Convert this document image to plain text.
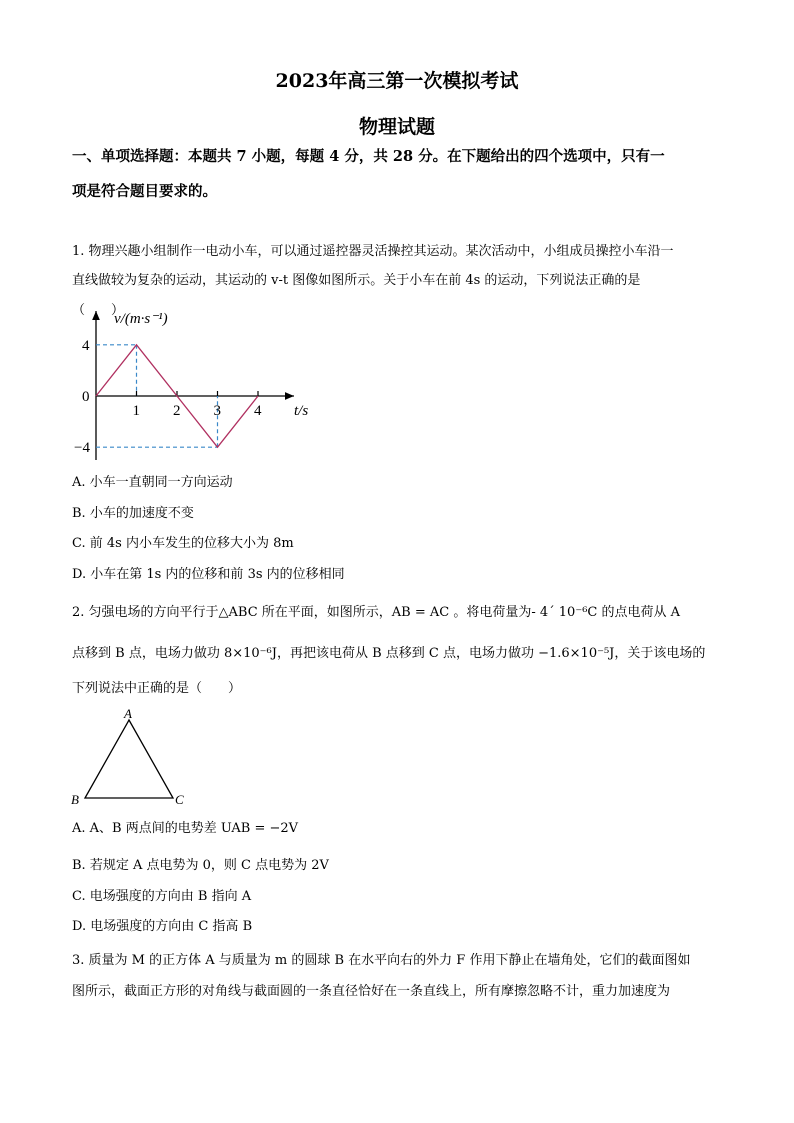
2023年高三第一次模拟考试
物理试题
一、单项选择题：本题共 7 小题，每题 4 分，共 28 分。在下题给出的四个选项中，只有一
项是符合题目要求的。
1. 物理兴趣小组制作一电动小车，可以通过遥控器灵活操控其运动。某次活动中，小组成员操控小车沿一
直线做较为复杂的运动，其运动的 v-t 图像如图所示。关于小车在前 4s 的运动，下列说法正确的是
（　　）
v/(m·s⁻¹)
t/s
1 2 3 4
4
0
−4
A. 小车一直朝同一方向运动
B. 小车的加速度不变
C. 前 4s 内小车发生的位移大小为 8m
D. 小车在第 1s 内的位移和前 3s 内的位移相同
2. 匀强电场的方向平行于△ABC 所在平面，如图所示，AB = AC 。将电荷量为- 4´ 10⁻⁶C 的点电荷从 A
点移到 B 点，电场力做功 8×10⁻⁶J，再把该电荷从 B 点移到 C 点，电场力做功 −1.6×10⁻⁵J，关于该电场的
下列说法中正确的是（　　）
A
B	C
A. A、B 两点间的电势差 UAB = −2V
B. 若规定 A 点电势为 0，则 C 点电势为 2V
C. 电场强度的方向由 B 指向 A
D. 电场强度的方向由 C 指高 B
3. 质量为 M 的正方体 A 与质量为 m 的圆球 B 在水平向右的外力 F 作用下静止在墙角处，它们的截面图如
图所示，截面正方形的对角线与截面圆的一条直径恰好在一条直线上，所有摩擦忽略不计，重力加速度为
